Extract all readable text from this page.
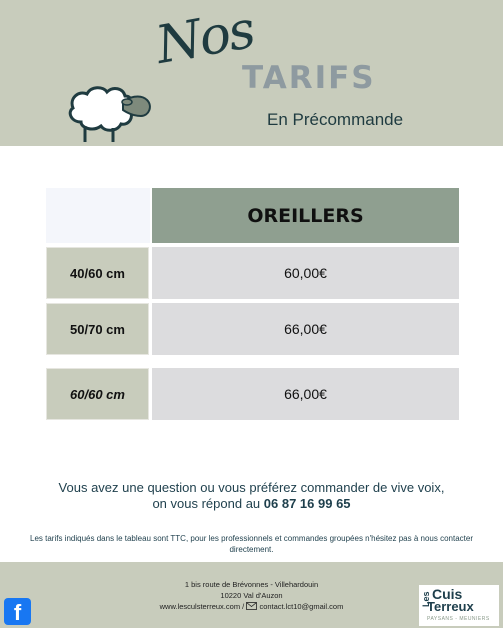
Nos
TARIFS
En Précommande
OREILLERS
40/60 cm	60,00€
50/70 cm	66,00€
60/60 cm	66,00€
Vous avez une question ou vous préférez commander de vive voix,
on vous répond au 06 87 16 99 65
Les tarifs indiqués dans le tableau sont TTC, pour les professionnels et commandes groupées n'hésitez pas à nous contacter directement.
1 bis route de Brévonnes - Villehardouin
10220 Val d'Auzon
www.lesculsterreux.com / contact.lct10@gmail.com
f
Les Cuis
Terreux
PAYSANS - MEUNIERS
